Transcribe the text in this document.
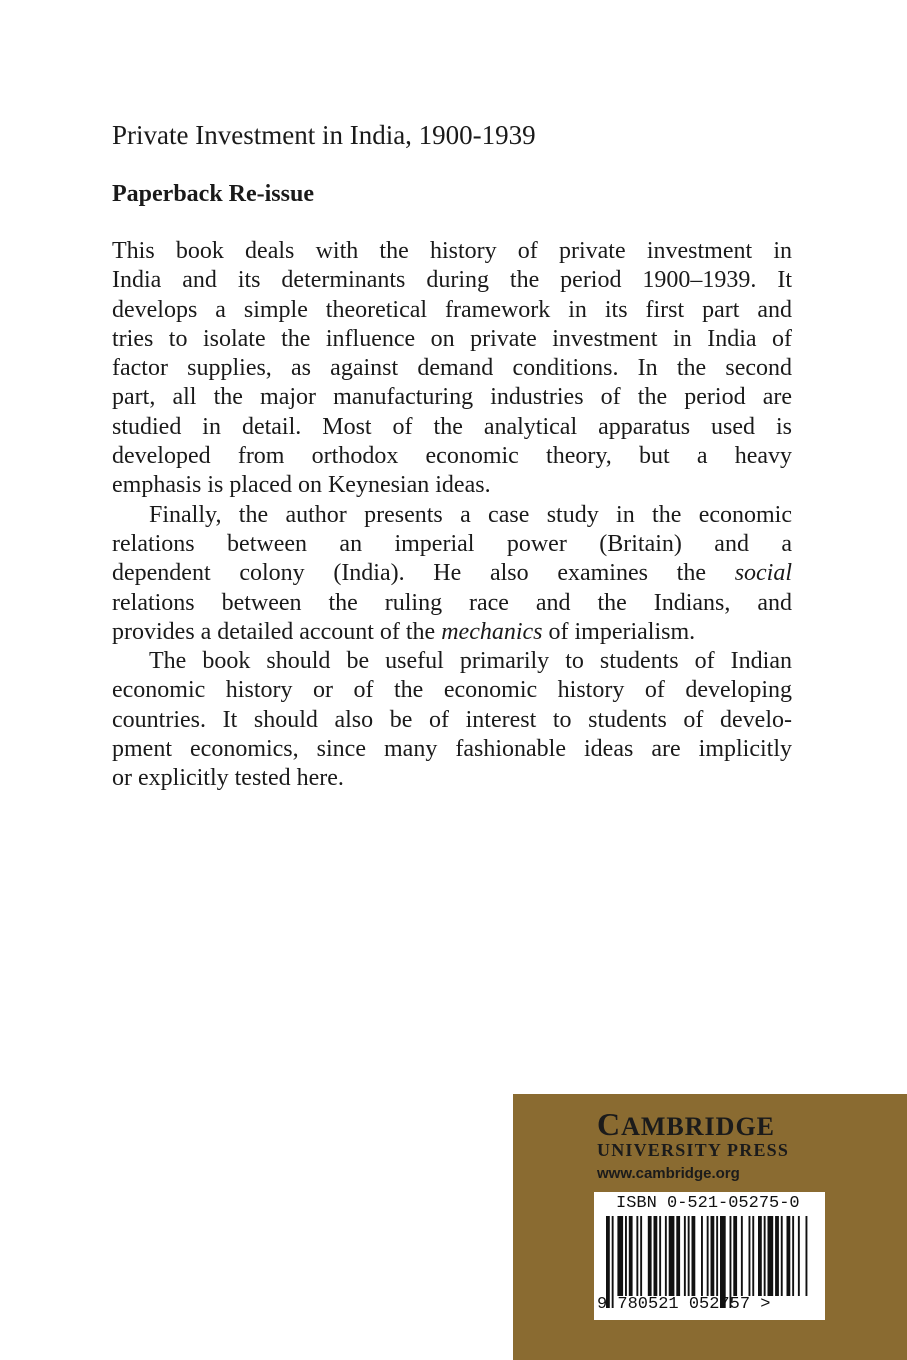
Private Investment in India, 1900-1939
Paperback Re-issue
This book deals with the history of private investment in
India and its determinants during the period 1900–1939. It
develops a simple theoretical framework in its first part and
tries to isolate the influence on private investment in India of
factor supplies, as against demand conditions. In the second
part, all the major manufacturing industries of the period are
studied in detail. Most of the analytical apparatus used is
developed from orthodox economic theory, but a heavy
emphasis is placed on Keynesian ideas.
Finally, the author presents a case study in the economic
relations between an imperial power (Britain) and a
dependent colony (India). He also examines the social
relations between the ruling race and the Indians, and
provides a detailed account of the mechanics of imperialism.
The book should be useful primarily to students of Indian
economic history or of the economic history of developing
countries. It should also be of interest to students of develo-
pment economics, since many fashionable ideas are implicitly
or explicitly tested here.
CAMBRIDGE
UNIVERSITY PRESS
www.cambridge.org
ISBN 0-521-05275-0
9 780521 052757 >
